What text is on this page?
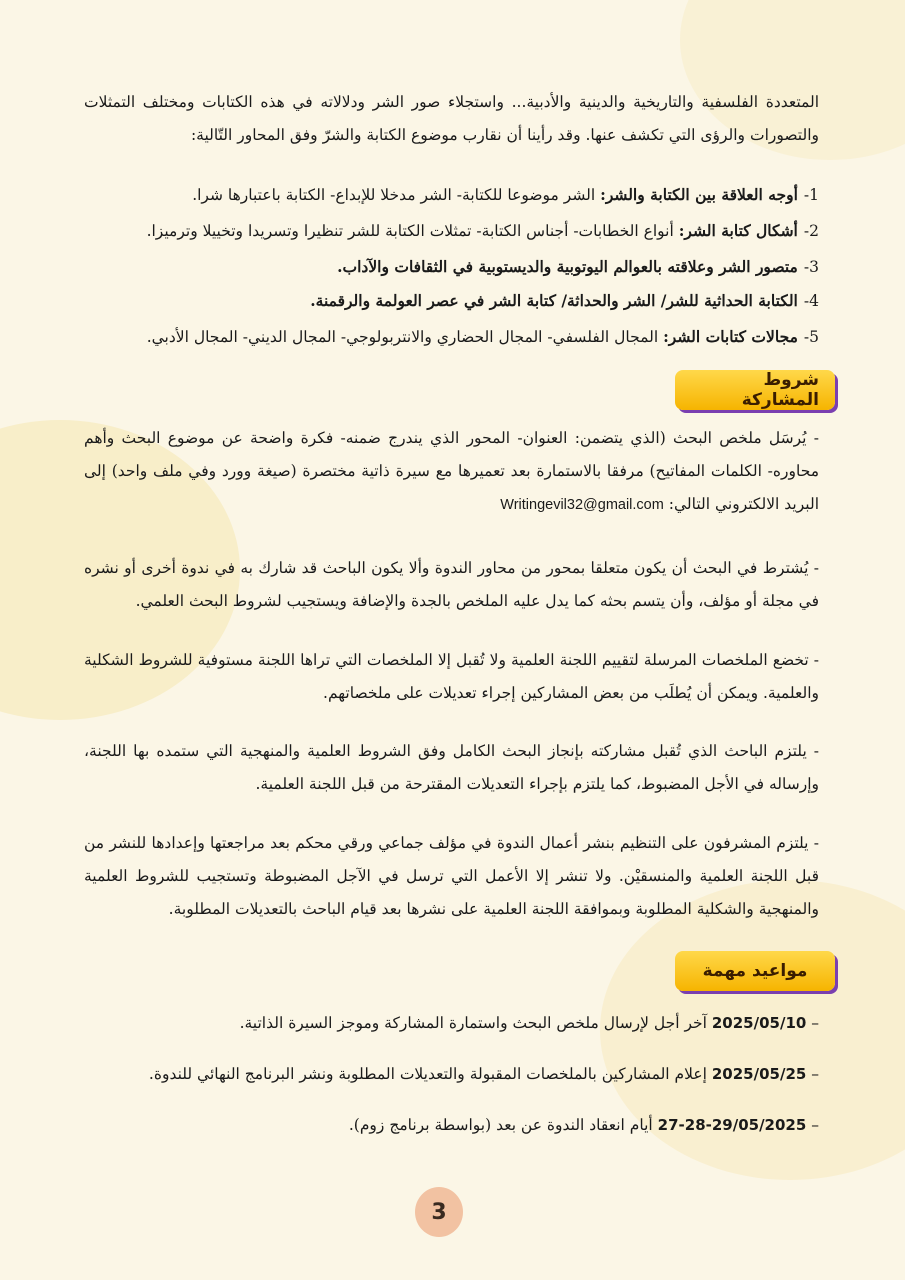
المتعددة الفلسفية والتاريخية والدينية والأدبية... واستجلاء صور الشر ودلالاته في هذه الكتابات ومختلف التمثلات والتصورات والرؤى التي تكشف عنها. وقد رأينا أن نقارب موضوع الكتابة والشرّ وفق المحاور التّالية:

1-أوجه العلاقة بين الكتابة والشر: الشر موضوعا للكتابة- الشر مدخلا للإبداع- الكتابة باعتبارها شرا.
2-أشكال كتابة الشر: أنواع الخطابات- أجناس الكتابة- تمثلات الكتابة للشر تنظيرا وتسريدا وتخييلا وترميزا.
3-متصور الشر وعلاقته بالعوالم اليوتوبية والديستوبية في الثقافات والآداب.
4-الكتابة الحداثية للشر/ الشر والحداثة/ كتابة الشر في عصر العولمة والرقمنة.
5-مجالات كتابات الشر: المجال الفلسفي- المجال الحضاري والانتربولوجي- المجال الديني- المجال الأدبي.
شروط المشاركة

- يُرسَل ملخص البحث (الذي يتضمن: العنوان- المحور الذي يندرج ضمنه- فكرة واضحة عن موضوع البحث وأهم محاوره- الكلمات المفاتيح) مرفقا بالاستمارة بعد تعميرها مع سيرة ذاتية مختصرة (صيغة وورد وفي ملف واحد) إلى البريد الالكتروني التالي: Writingevil32@gmail.com

- يُشترط في البحث أن يكون متعلقا بمحور من محاور الندوة وألا يكون الباحث قد شارك به في ندوة أخرى أو نشره في مجلة أو مؤلف، وأن يتسم بحثه كما يدل عليه الملخص بالجدة والإضافة ويستجيب لشروط البحث العلمي.

- تخضع الملخصات المرسلة لتقييم اللجنة العلمية ولا تُقبل إلا الملخصات التي تراها اللجنة مستوفية للشروط الشكلية والعلمية. ويمكن أن يُطلَب من بعض المشاركين إجراء تعديلات على ملخصاتهم.

- يلتزم الباحث الذي تُقبل مشاركته بإنجاز البحث الكامل وفق الشروط العلمية والمنهجية التي ستمده بها اللجنة، وإرساله في الأجل المضبوط، كما يلتزم بإجراء التعديلات المقترحة من قبل اللجنة العلمية.

- يلتزم المشرفون على التنظيم بنشر أعمال الندوة في مؤلف جماعي ورقي محكم بعد مراجعتها وإعدادها للنشر من قبل اللجنة العلمية والمنسقيْن. ولا تنشر إلا الأعمل التي ترسل في الآجل المضبوطة وتستجيب للشروط العلمية والمنهجية والشكلية المطلوبة وبموافقة اللجنة العلمية على نشرها بعد قيام الباحث بالتعديلات المطلوبة.

مواعيد مهمة

– 2025/05/10 آخر أجل لإرسال ملخص البحث واستمارة المشاركة وموجز السيرة الذاتية.

– 2025/05/25 إعلام المشاركين بالملخصات المقبولة والتعديلات المطلوبة ونشر البرنامج النهائي للندوة.

– 27-28-29/05/2025 أيام انعقاد الندوة عن بعد (بواسطة برنامج زوم).

3
